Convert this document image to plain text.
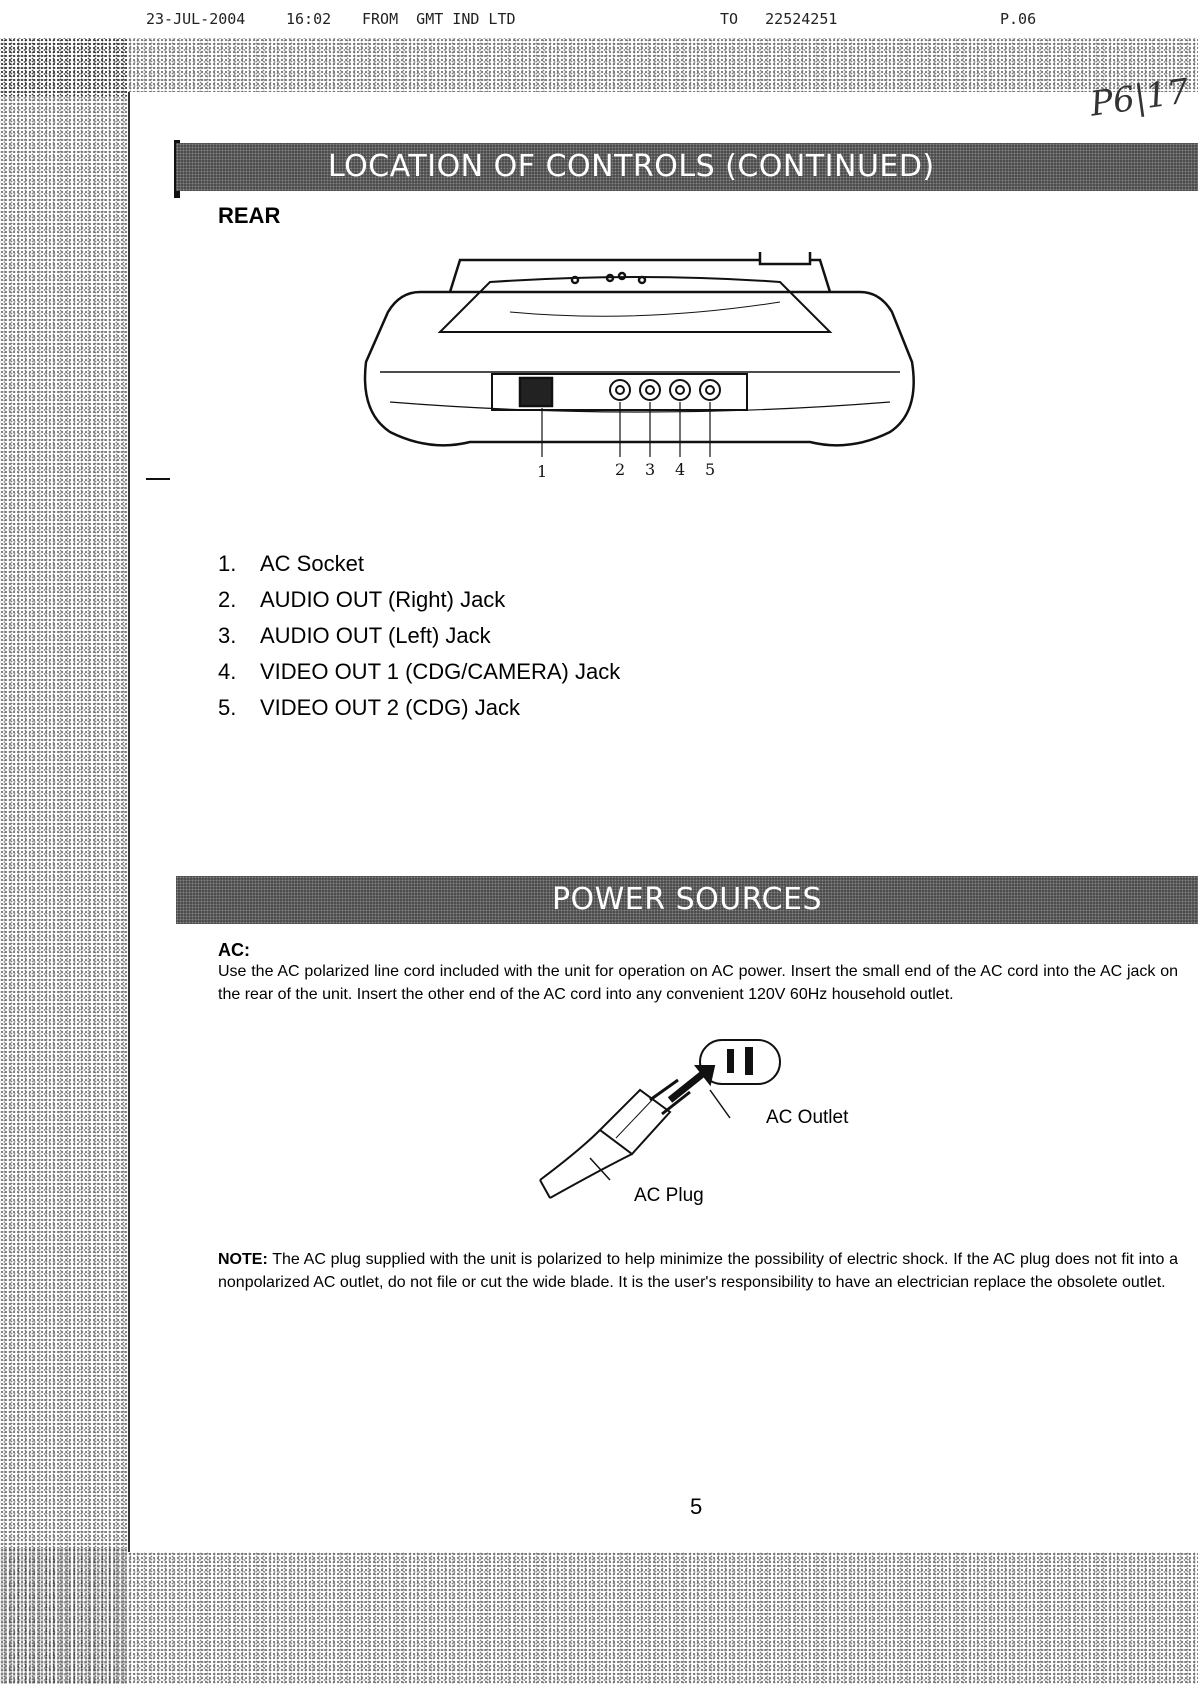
23-JUL-2004	16:02 FROM  GMT IND LTD	TO   22524251	P.06
P6|17
LOCATION OF CONTROLS (CONTINUED)
REAR
1	2 3 4 5
1. AC Socket
2. AUDIO OUT (Right) Jack
3. AUDIO OUT (Left) Jack
4. VIDEO OUT 1 (CDG/CAMERA) Jack
5. VIDEO OUT 2 (CDG) Jack
POWER SOURCES
AC:
Use the AC polarized line cord included with the unit for operation on AC power. Insert the small end of the AC cord into the AC jack on the rear of the unit. Insert the other end of the AC cord into any convenient 120V 60Hz household outlet.
AC Outlet
AC Plug
NOTE: The AC plug supplied with the unit is polarized to help minimize the possibility of electric shock. If the AC plug does not fit into a nonpolarized AC outlet, do not file or cut the wide blade. It is the user's responsibility to have an electrician replace the obsolete outlet.
5
